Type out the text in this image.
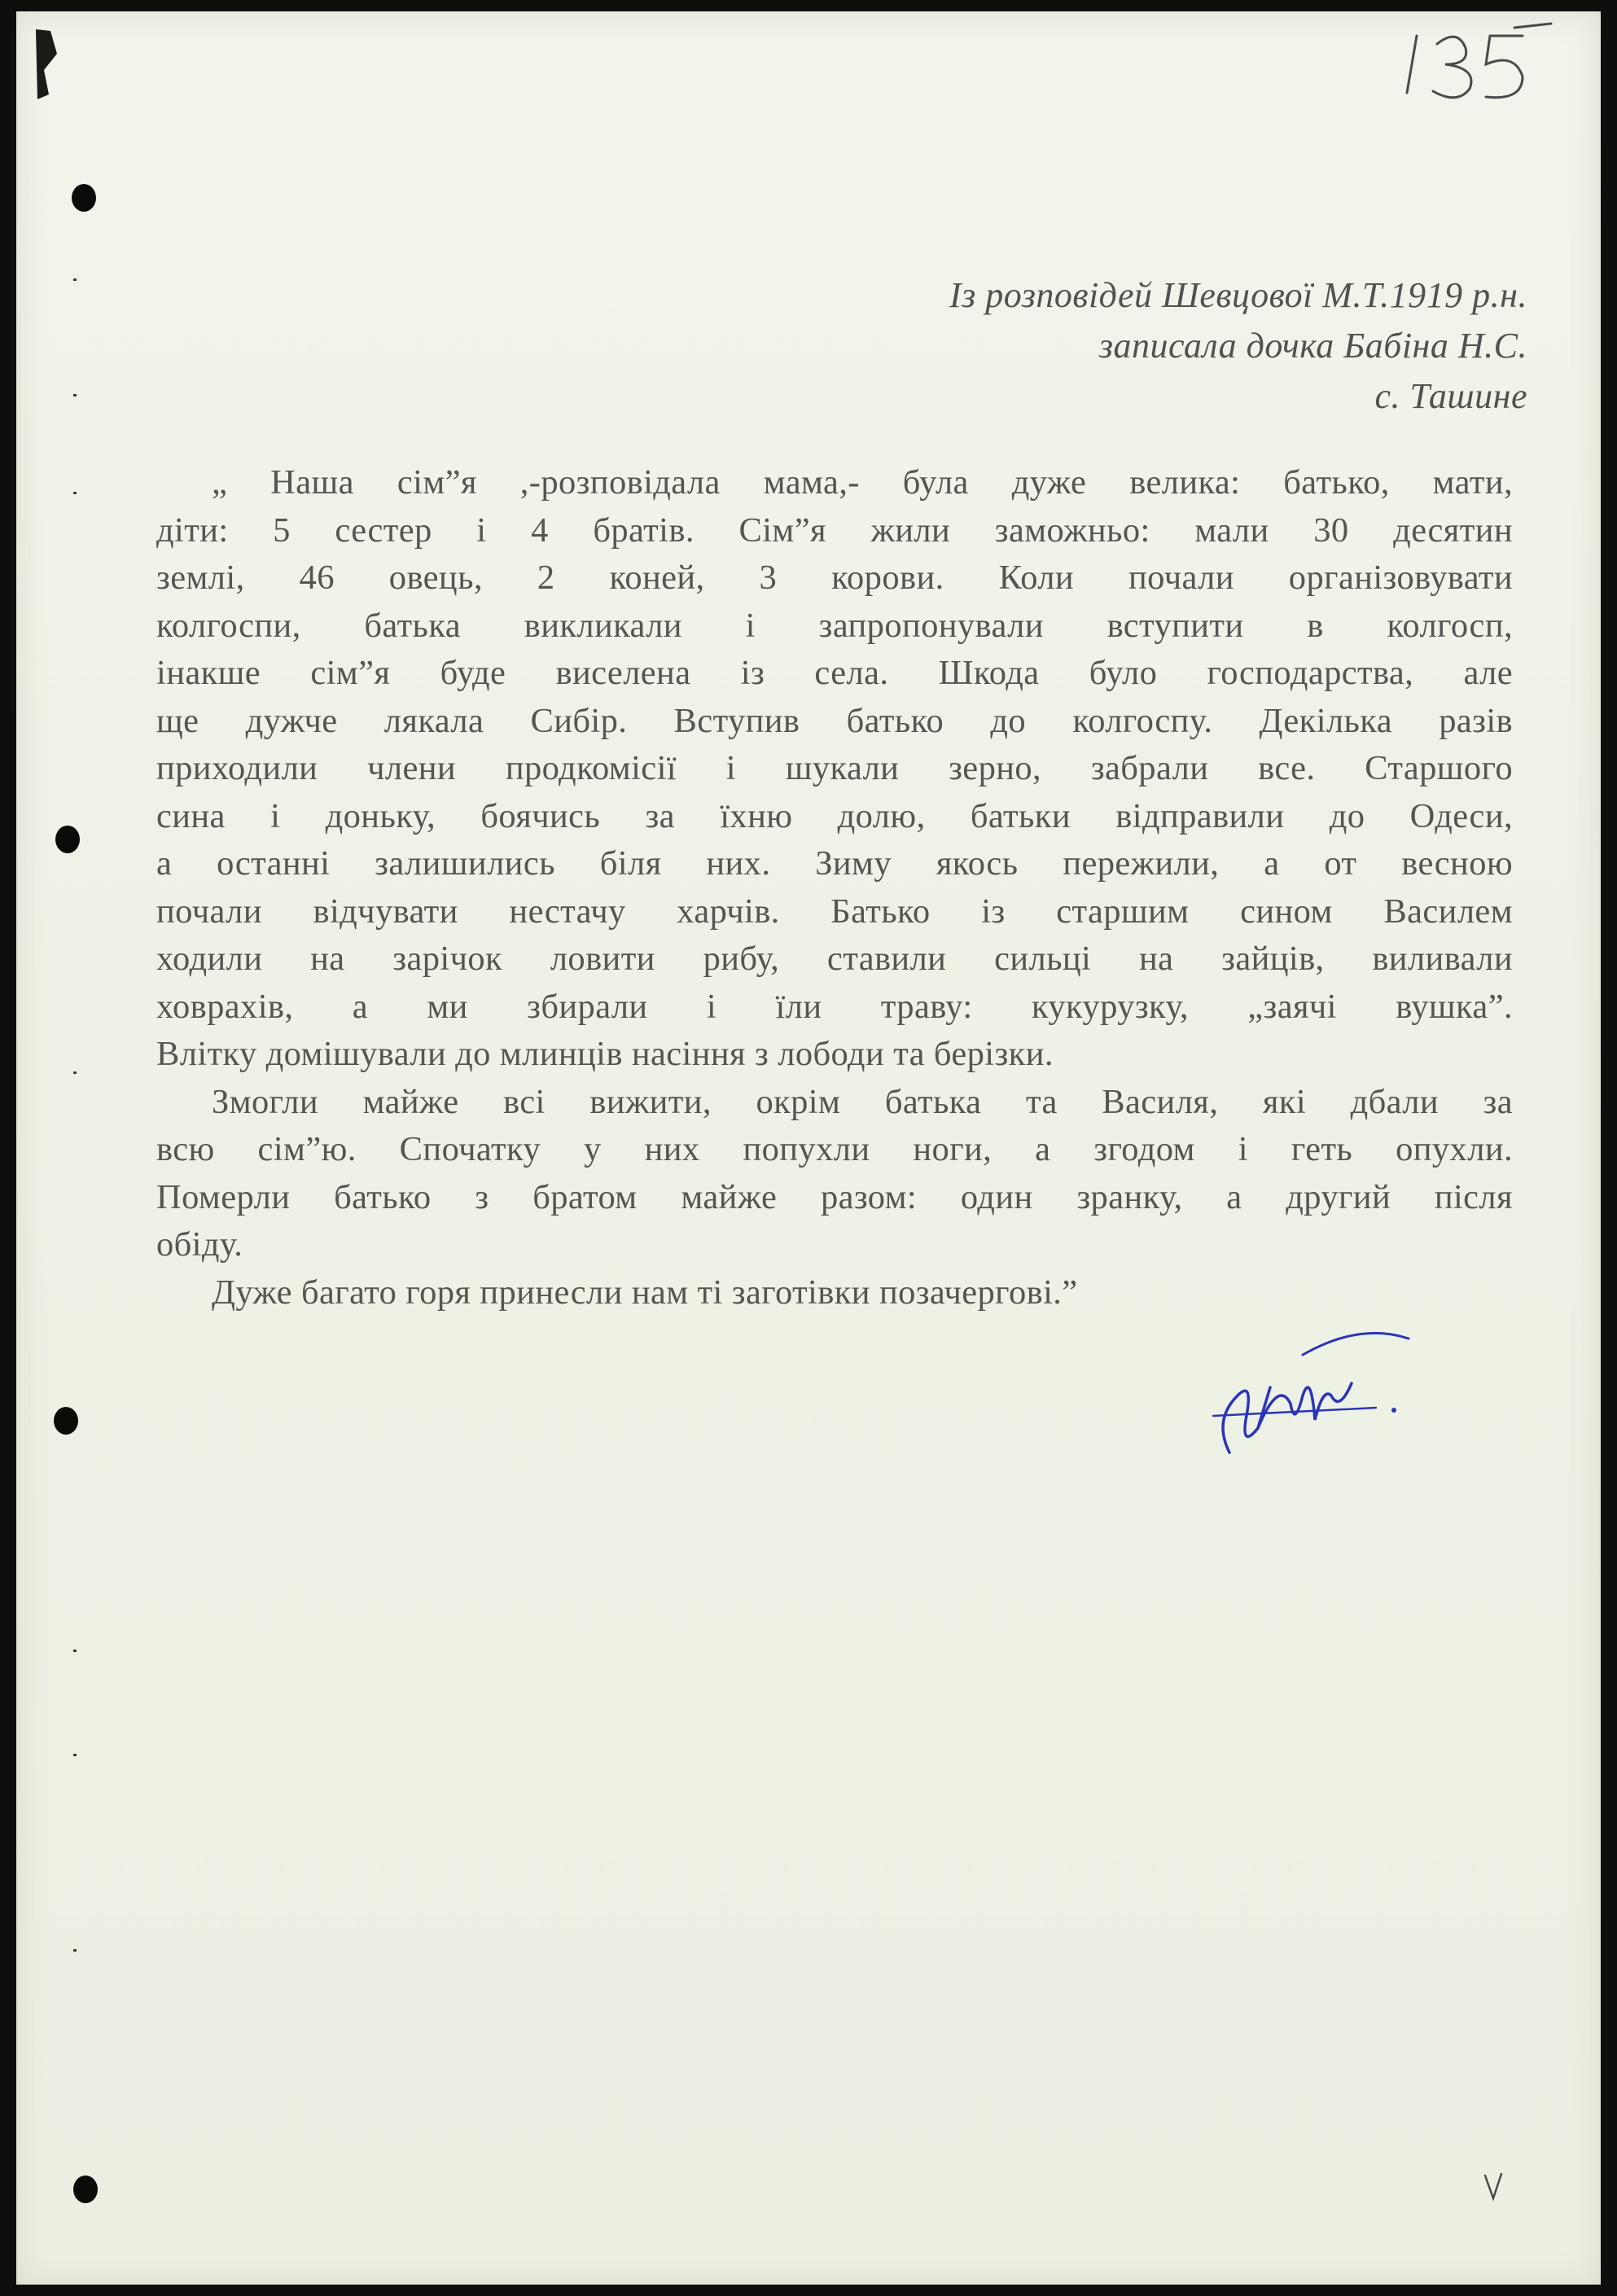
Із розповідей Шевцової М.Т.1919 р.н.
записала дочка Бабіна Н.С.
с. Ташине
„ Наша сім”я ,-розповідала мама,- була дуже велика: батько, мати,
діти: 5 сестер і 4 братів. Сім”я жили заможньо: мали 30 десятин
землі, 46 овець, 2 коней, 3 корови. Коли почали організовувати
колгоспи, батька викликали і запропонували вступити в колгосп,
інакше сім”я буде виселена із села. Шкода було господарства, але
ще дужче лякала Сибір. Вступив батько до колгоспу. Декілька разів
приходили члени продкомісії і шукали зерно, забрали все. Старшого
сина і доньку, боячись за їхню долю, батьки відправили до Одеси,
а останні залишились біля них. Зиму якось пережили, а от весною
почали відчувати нестачу харчів. Батько із старшим сином Василем
ходили на зарічок ловити рибу, ставили сильці на зайців, виливали
ховрахів, а ми збирали і їли траву: кукурузку, „заячі вушка”.
Влітку домішували до млинців насіння з лободи та берізки.
Змогли майже всі вижити, окрім батька та Василя, які дбали за
всю сім”ю. Спочатку у них попухли ноги, а згодом і геть опухли.
Померли батько з братом майже разом: один зранку, а другий після
обіду.
Дуже багато горя принесли нам ті заготівки позачергові.”
